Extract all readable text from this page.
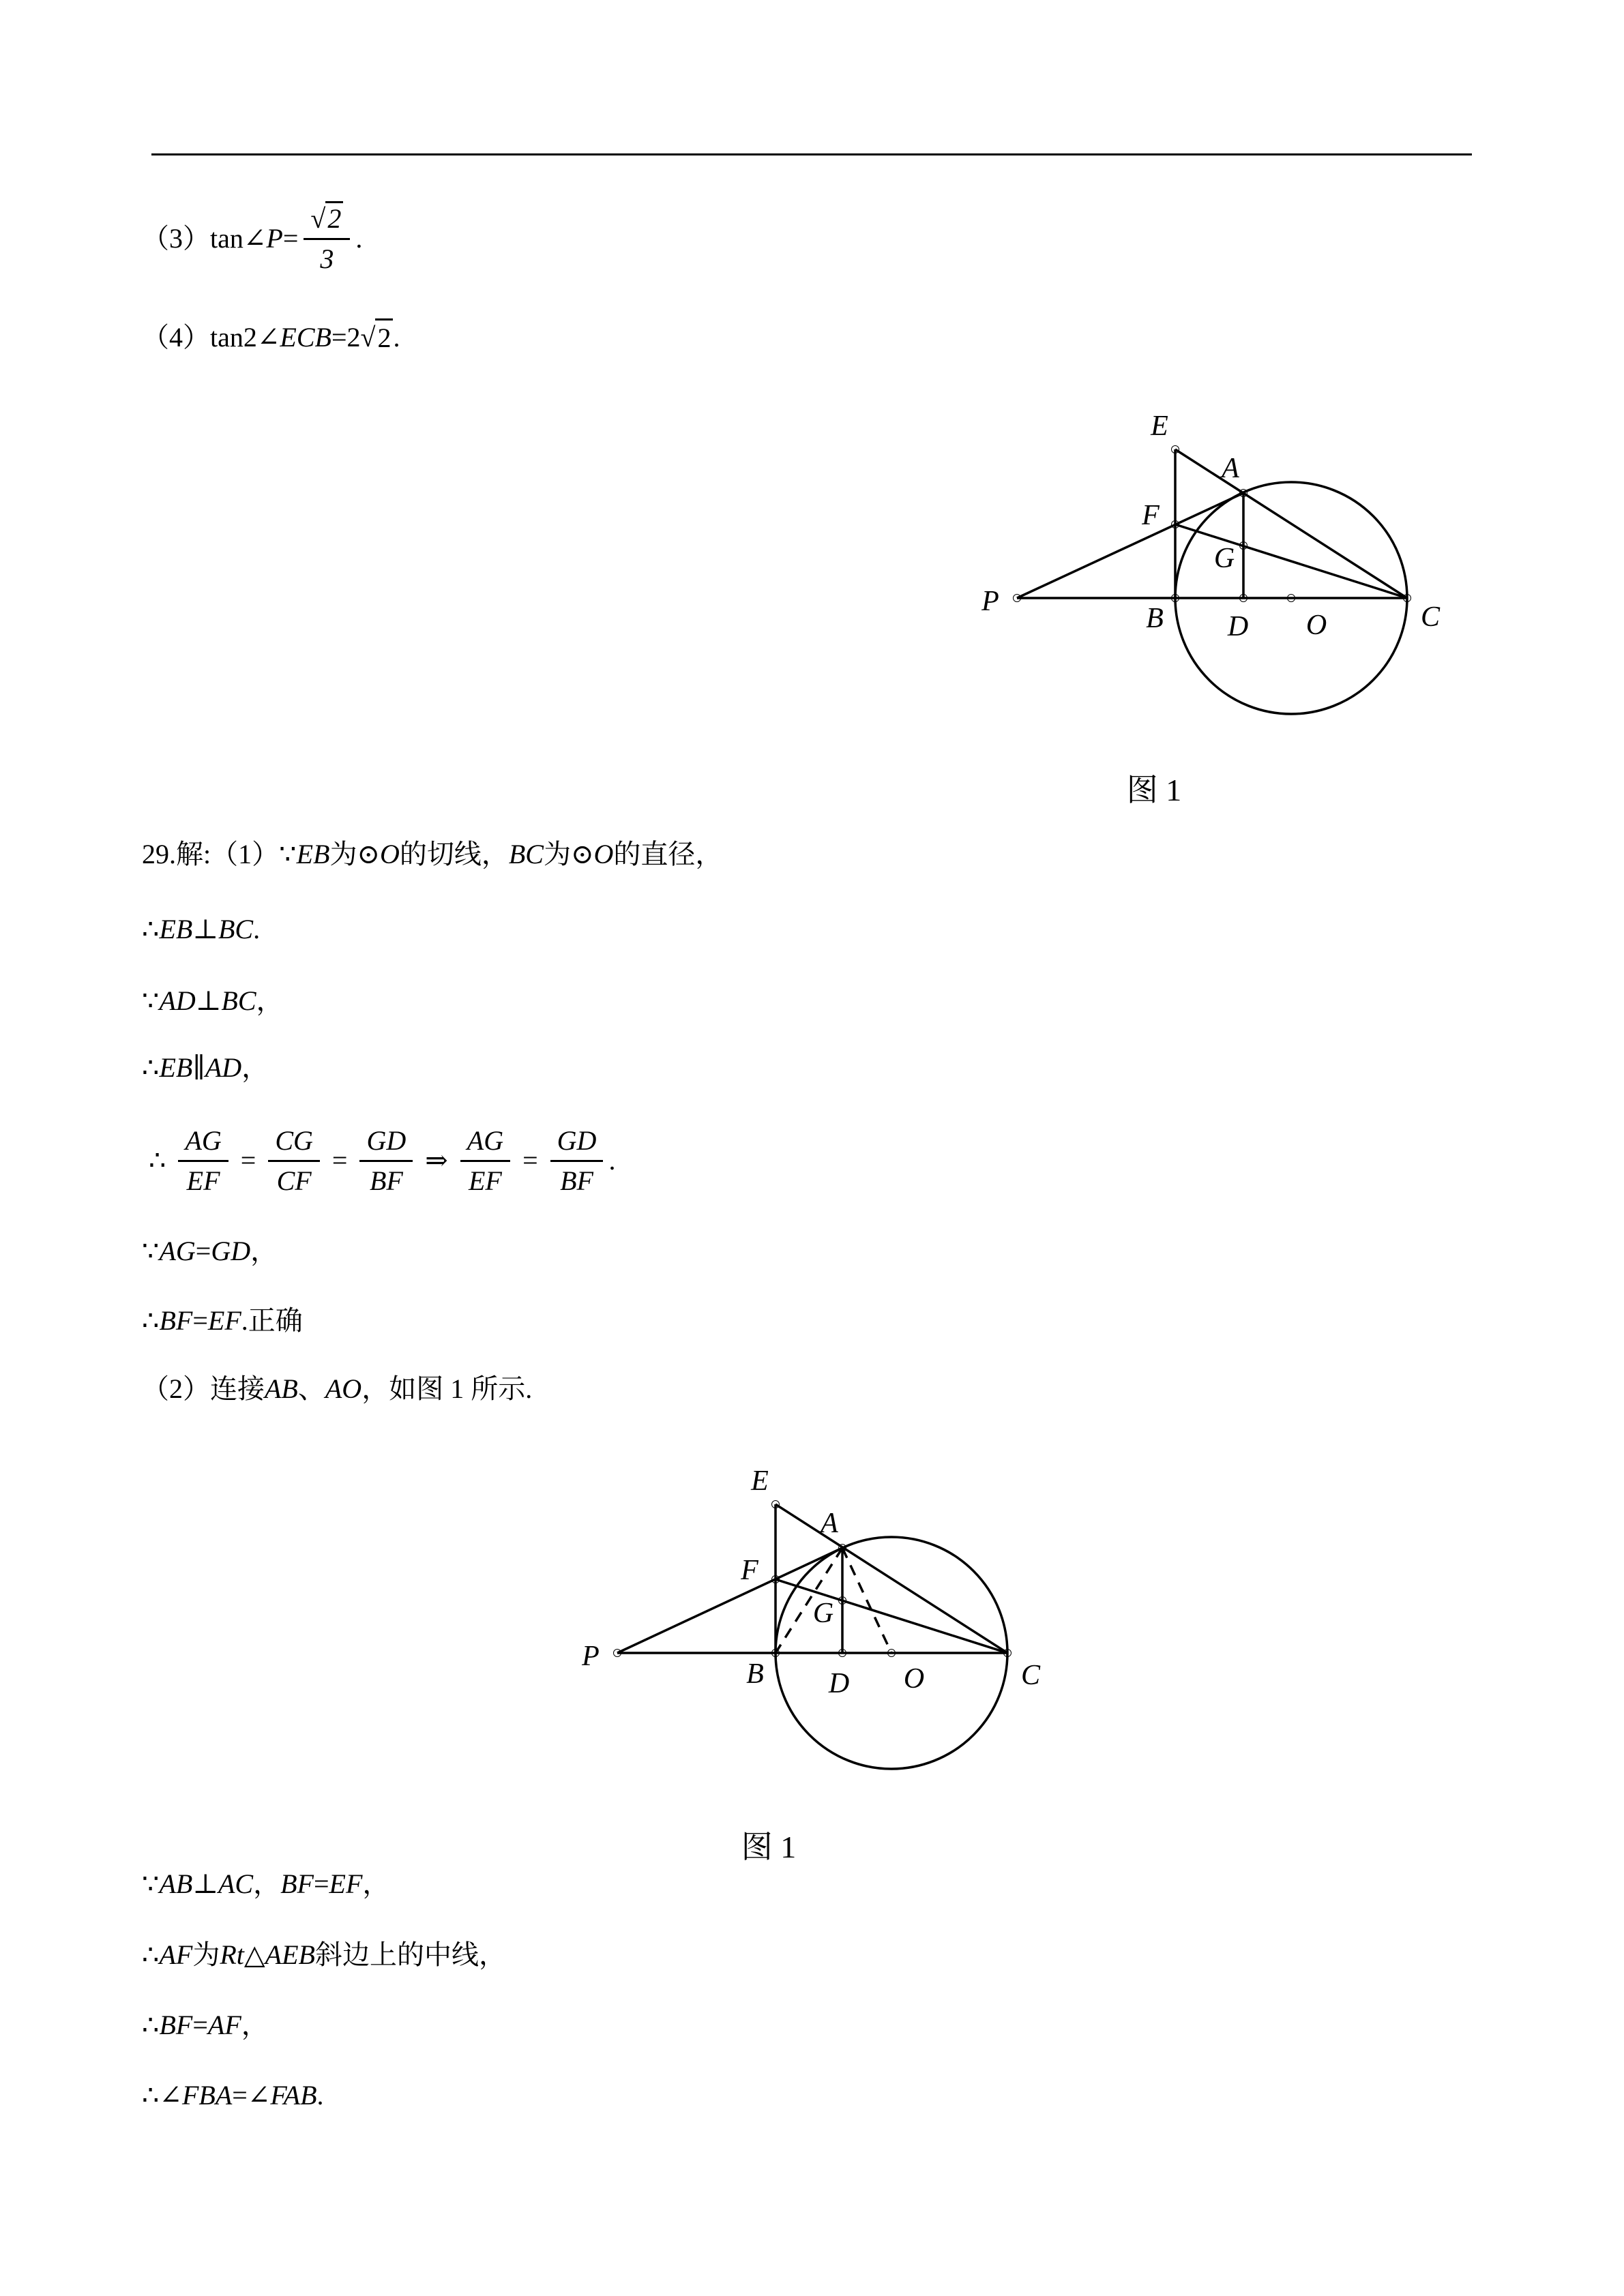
（3）tan∠P= $\frac{√2}{3}$ .
（4）tan2∠ECB= 2 √ 2 .
E
A
F
G
P
B D O	C
图 1
29.解:（1）∵ EB 为⊙ O 的切线， BC 为⊙ O 的直径，
∴ EB ⊥ BC .
∵ AD ⊥ BC ，
∴ EB ∥ AD ，
∴ $\frac{AG}{EF} = \frac{CG}{CF} = \frac{GD}{BF}$ ⇒ $\frac{AG}{EF} = \frac{GD}{BF}$ .
∵ AG = GD ，
∴ BF = EF .正确
（2）连接 AB 、 AO ，如图 1 所示.
E
A
F
G
P
B D O	C
图 1
∵ AB ⊥ AC ， BF = EF ，
∴ AF 为 Rt △ AEB 斜边上的中线，
∴ BF = AF ，
∴∠ FBA =∠ FAB .
